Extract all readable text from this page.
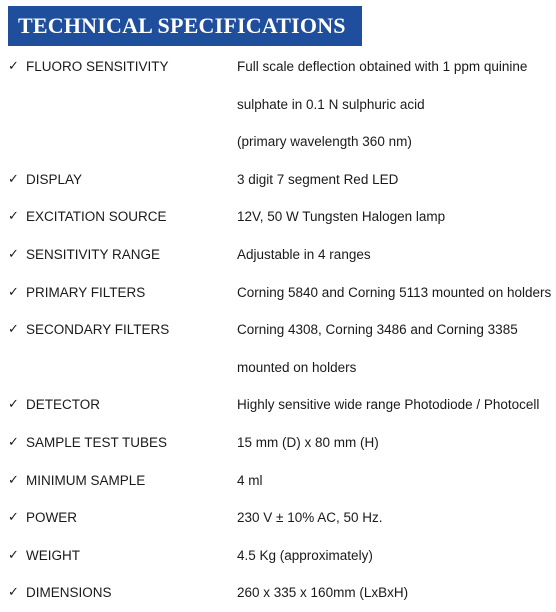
TECHNICAL SPECIFICATIONS
✓ FLUORO SENSITIVITY	Full scale deflection obtained with 1 ppm quinine
sulphate in 0.1 N sulphuric acid
(primary wavelength 360 nm)
✓ DISPLAY	3 digit 7 segment Red LED
✓ EXCITATION SOURCE	12V, 50 W Tungsten Halogen lamp
✓ SENSITIVITY RANGE	Adjustable in 4 ranges
✓ PRIMARY FILTERS	Corning 5840 and Corning 5113 mounted on holders
✓ SECONDARY FILTERS	Corning 4308, Corning 3486 and Corning 3385
mounted on holders
✓ DETECTOR	Highly sensitive wide range Photodiode / Photocell
✓ SAMPLE TEST TUBES	15 mm (D) x 80 mm (H)
✓ MINIMUM SAMPLE	4 ml
✓ POWER	230 V ± 10% AC, 50 Hz.
✓ WEIGHT	4.5 Kg (approximately)
✓ DIMENSIONS	260 x 335 x 160mm (LxBxH)
